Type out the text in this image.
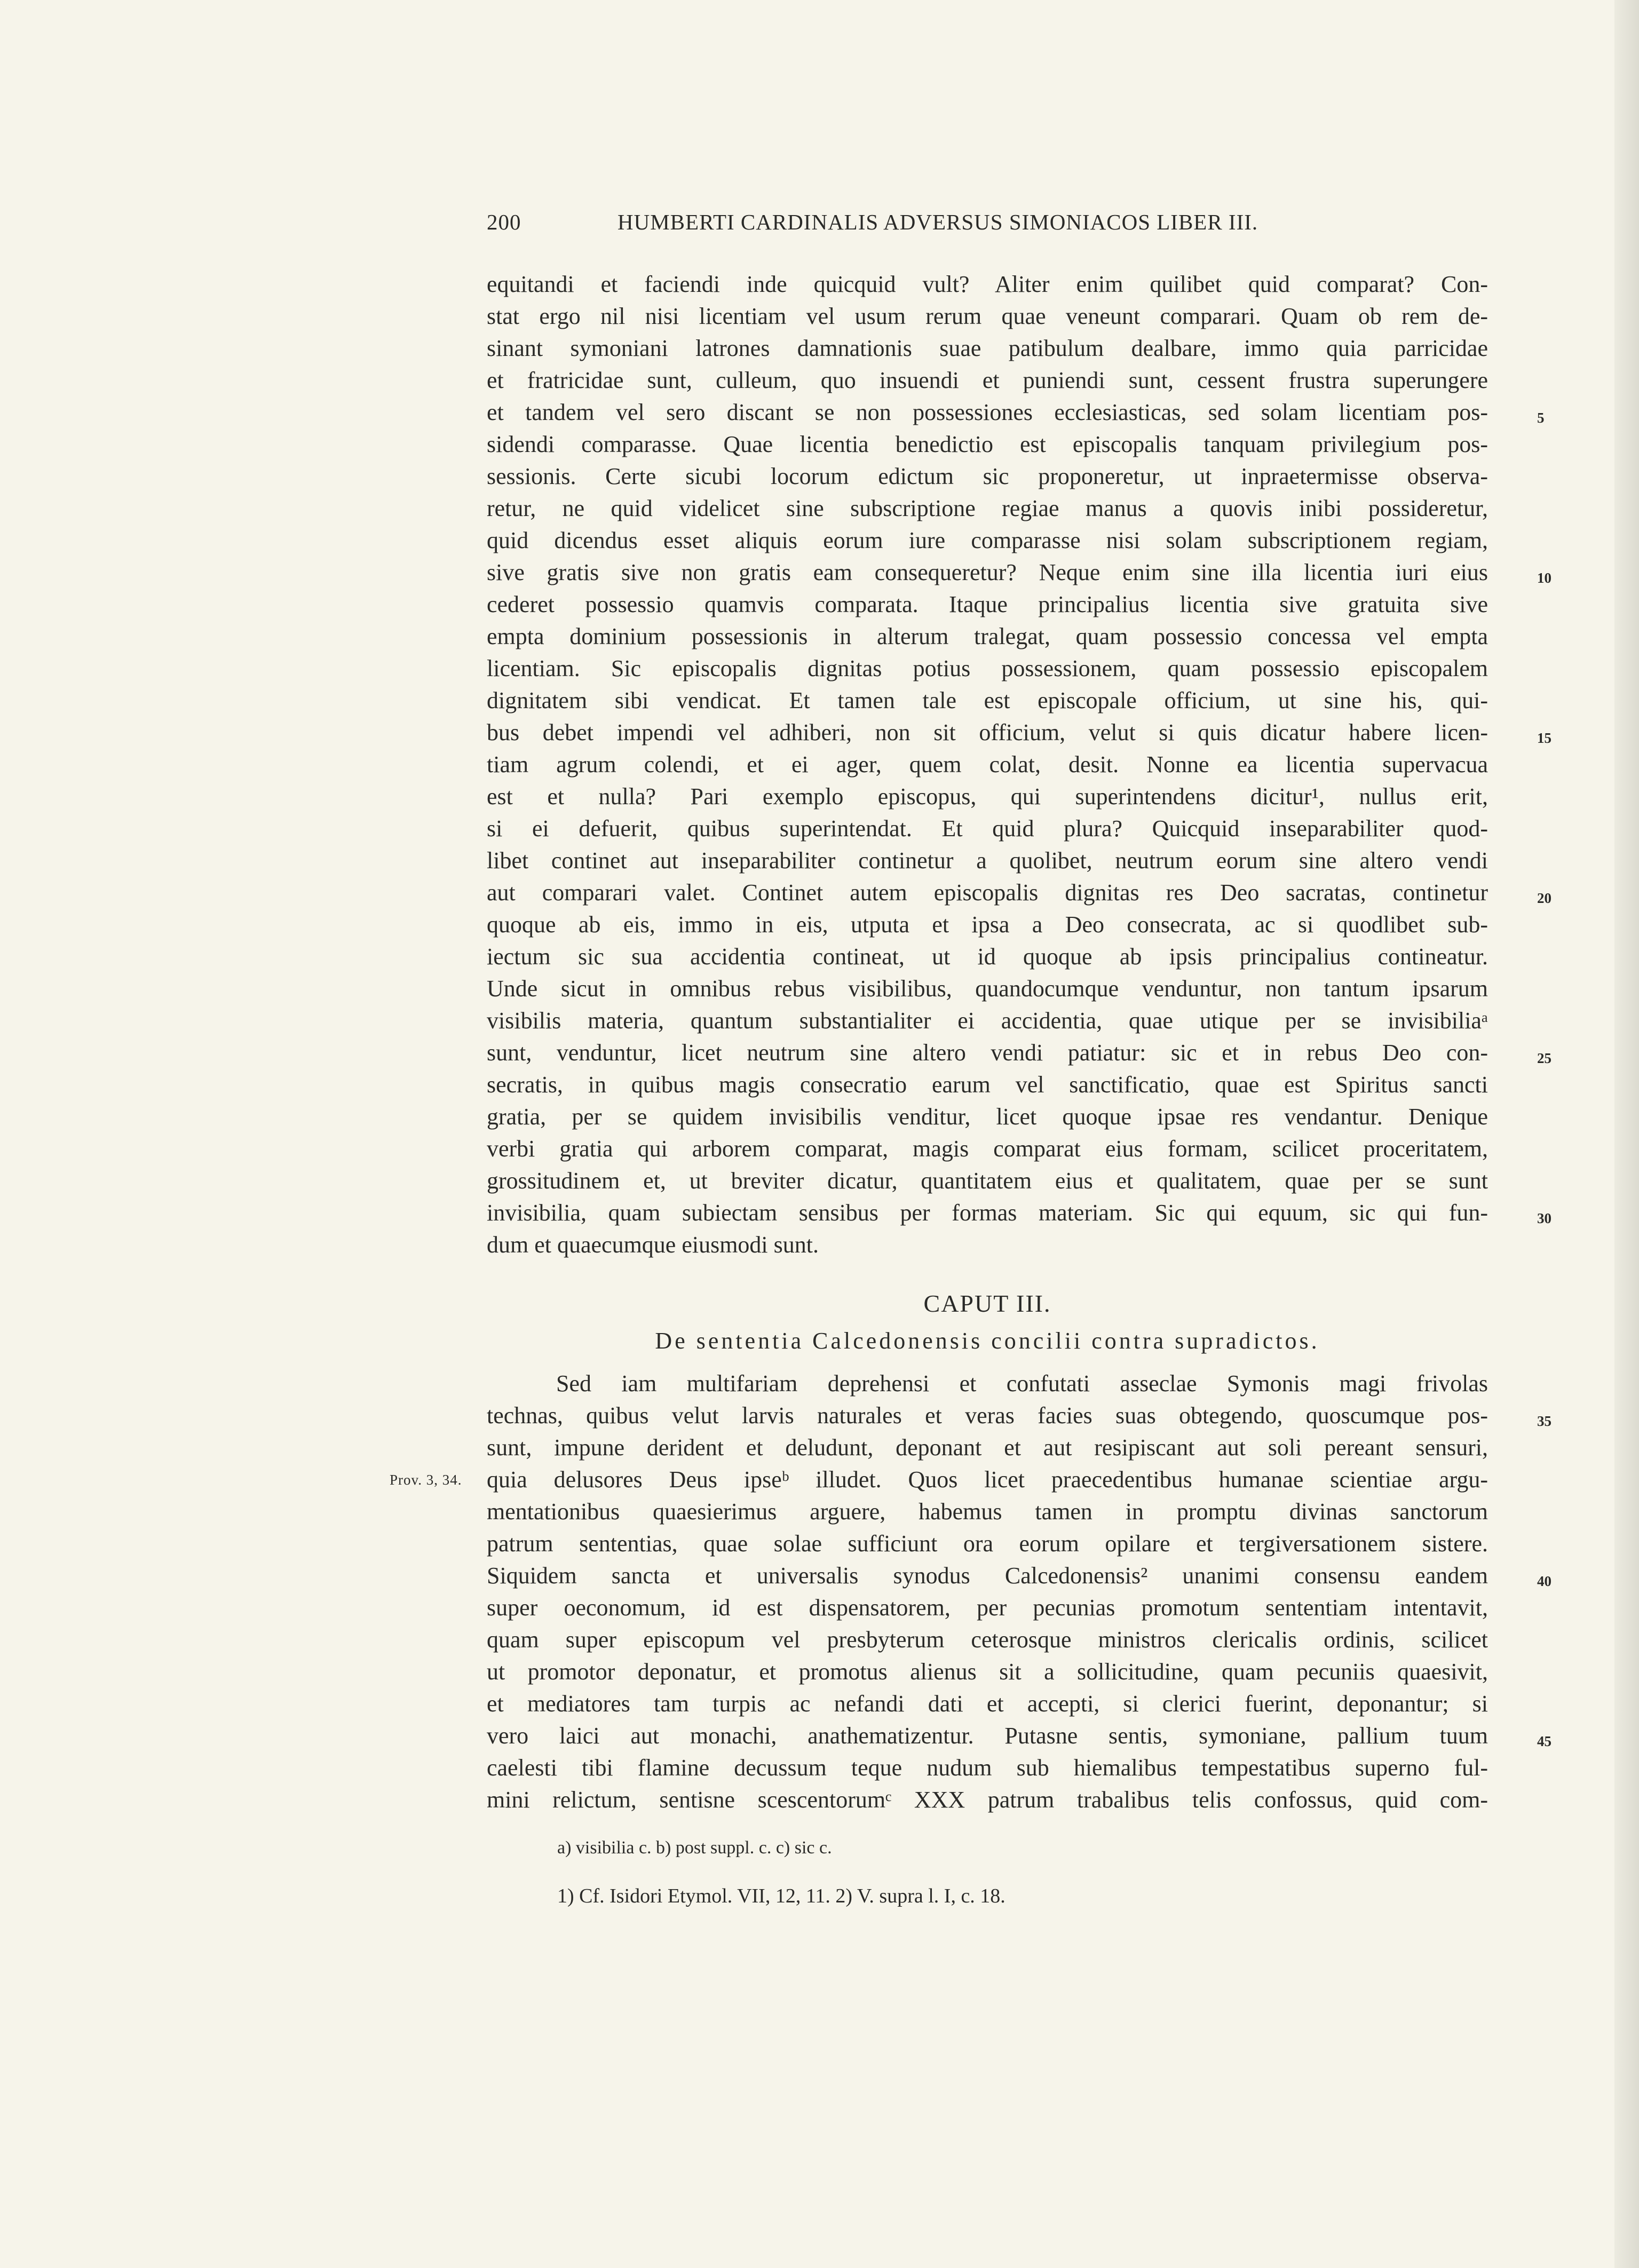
200	HUMBERTI CARDINALIS ADVERSUS SIMONIACOS LIBER III.
equitandi et faciendi inde quicquid vult? Aliter enim quilibet quid comparat? Con-
stat ergo nil nisi licentiam vel usum rerum quae veneunt comparari. Quam ob rem de-
sinant symoniani latrones damnationis suae patibulum dealbare, immo quia parricidae
et fratricidae sunt, culleum, quo insuendi et puniendi sunt, cessent frustra superungere
et tandem vel sero discant se non possessiones ecclesiasticas, sed solam licentiam pos-
sidendi comparasse. Quae licentia benedictio est episcopalis tanquam privilegium pos-
sessionis. Certe sicubi locorum edictum sic proponeretur, ut inpraetermisse observa-
retur, ne quid videlicet sine subscriptione regiae manus a quovis inibi possideretur,
quid dicendus esset aliquis eorum iure comparasse nisi solam subscriptionem regiam,
sive gratis sive non gratis eam consequeretur? Neque enim sine illa licentia iuri eius
cederet possessio quamvis comparata. Itaque principalius licentia sive gratuita sive
empta dominium possessionis in alterum tralegat, quam possessio concessa vel empta
licentiam. Sic episcopalis dignitas potius possessionem, quam possessio episcopalem
dignitatem sibi vendicat. Et tamen tale est episcopale officium, ut sine his, qui-
bus debet impendi vel adhiberi, non sit officium, velut si quis dicatur habere licen-
tiam agrum colendi, et ei ager, quem colat, desit. Nonne ea licentia supervacua
est et nulla? Pari exemplo episcopus, qui superintendens dicitur¹, nullus erit,
si ei defuerit, quibus superintendat. Et quid plura? Quicquid inseparabiliter quod-
libet continet aut inseparabiliter continetur a quolibet, neutrum eorum sine altero vendi
aut comparari valet. Continet autem episcopalis dignitas res Deo sacratas, continetur
quoque ab eis, immo in eis, utputa et ipsa a Deo consecrata, ac si quodlibet sub-
iectum sic sua accidentia contineat, ut id quoque ab ipsis principalius contineatur.
Unde sicut in omnibus rebus visibilibus, quandocumque venduntur, non tantum ipsarum
visibilis materia, quantum substantialiter ei accidentia, quae utique per se invisibiliaᵃ
sunt, venduntur, licet neutrum sine altero vendi patiatur: sic et in rebus Deo con-
secratis, in quibus magis consecratio earum vel sanctificatio, quae est Spiritus sancti
gratia, per se quidem invisibilis venditur, licet quoque ipsae res vendantur. Denique
verbi gratia qui arborem comparat, magis comparat eius formam, scilicet proceritatem,
grossitudinem et, ut breviter dicatur, quantitatem eius et qualitatem, quae per se sunt
invisibilia, quam subiectam sensibus per formas materiam. Sic qui equum, sic qui fun-
dum et quaecumque eiusmodi sunt.
CAPUT III.
De sententia Calcedonensis concilii contra supradictos.
Sed iam multifariam deprehensi et confutati asseclae Symonis magi frivolas
technas, quibus velut larvis naturales et veras facies suas obtegendo, quoscumque pos-
sunt, impune derident et deludunt, deponant et aut resipiscant aut soli pereant sensuri,
quia delusores Deus ipseᵇ illudet. Quos licet praecedentibus humanae scientiae argu-
mentationibus quaesierimus arguere, habemus tamen in promptu divinas sanctorum
patrum sententias, quae solae sufficiunt ora eorum opilare et tergiversationem sistere.
Siquidem sancta et universalis synodus Calcedonensis² unanimi consensu eandem
super oeconomum, id est dispensatorem, per pecunias promotum sententiam intentavit,
quam super episcopum vel presbyterum ceterosque ministros clericalis ordinis, scilicet
ut promotor deponatur, et promotus alienus sit a sollicitudine, quam pecuniis quaesivit,
et mediatores tam turpis ac nefandi dati et accepti, si clerici fuerint, deponantur; si
vero laici aut monachi, anathematizentur. Putasne sentis, symoniane, pallium tuum
caelesti tibi flamine decussum teque nudum sub hiemalibus tempestatibus superno ful-
mini relictum, sentisne scescentorumᶜ XXX patrum trabalibus telis confossus, quid com-
Prov. 3, 34.
5
10
15
20
25
30
35
40
45
a) visibilia c. b) post suppl. c. c) sic c.
1) Cf. Isidori Etymol. VII, 12, 11. 2) V. supra l. I, c. 18.
